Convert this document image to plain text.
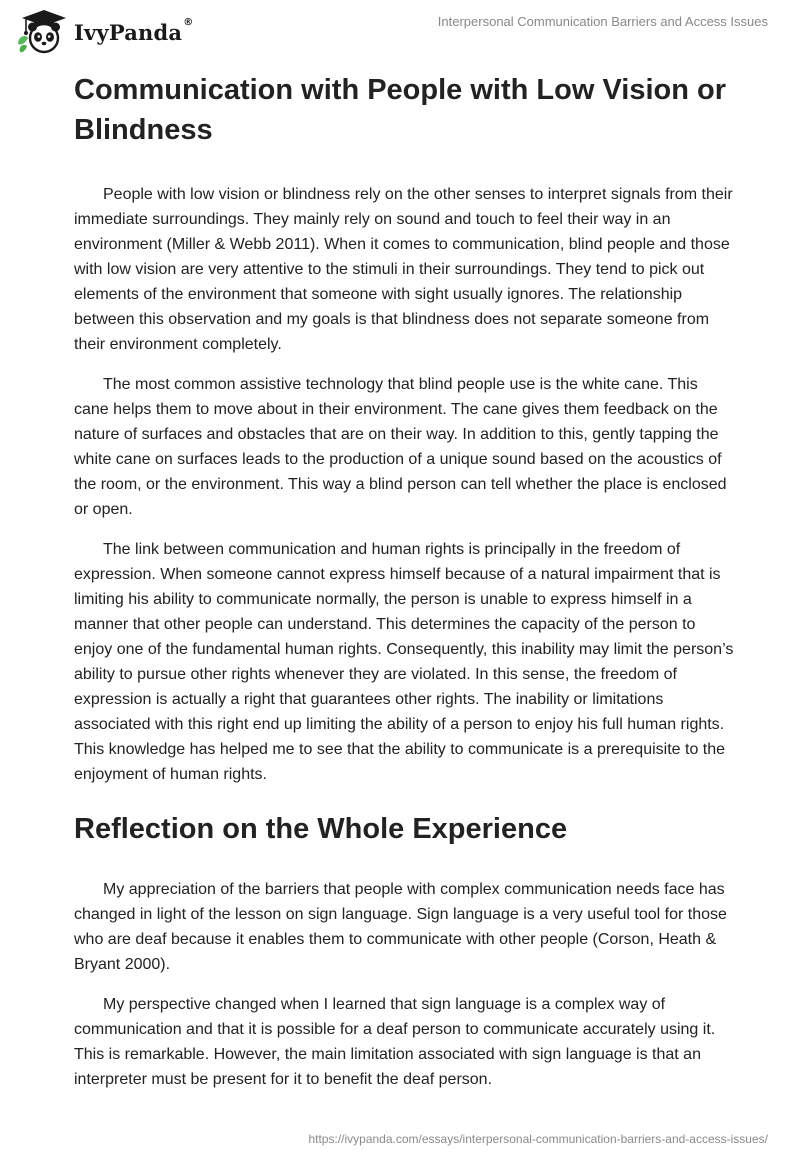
IvyPanda®	Interpersonal Communication Barriers and Access Issues
Communication with People with Low Vision or Blindness

People with low vision or blindness rely on the other senses to interpret signals from their immediate surroundings. They mainly rely on sound and touch to feel their way in an environment (Miller & Webb 2011). When it comes to communication, blind people and those with low vision are very attentive to the stimuli in their surroundings. They tend to pick out elements of the environment that someone with sight usually ignores. The relationship between this observation and my goals is that blindness does not separate someone from their environment completely.

The most common assistive technology that blind people use is the white cane. This cane helps them to move about in their environment. The cane gives them feedback on the nature of surfaces and obstacles that are on their way. In addition to this, gently tapping the white cane on surfaces leads to the production of a unique sound based on the acoustics of the room, or the environment. This way a blind person can tell whether the place is enclosed or open.

The link between communication and human rights is principally in the freedom of expression. When someone cannot express himself because of a natural impairment that is limiting his ability to communicate normally, the person is unable to express himself in a manner that other people can understand. This determines the capacity of the person to enjoy one of the fundamental human rights. Consequently, this inability may limit the person’s ability to pursue other rights whenever they are violated. In this sense, the freedom of expression is actually a right that guarantees other rights. The inability or limitations associated with this right end up limiting the ability of a person to enjoy his full human rights. This knowledge has helped me to see that the ability to communicate is a prerequisite to the enjoyment of human rights.

Reflection on the Whole Experience

My appreciation of the barriers that people with complex communication needs face has changed in light of the lesson on sign language. Sign language is a very useful tool for those who are deaf because it enables them to communicate with other people (Corson, Heath & Bryant 2000).

My perspective changed when I learned that sign language is a complex way of communication and that it is possible for a deaf person to communicate accurately using it. This is remarkable. However, the main limitation associated with sign language is that an interpreter must be present for it to benefit the deaf person.

https://ivypanda.com/essays/interpersonal-communication-barriers-and-access-issues/
